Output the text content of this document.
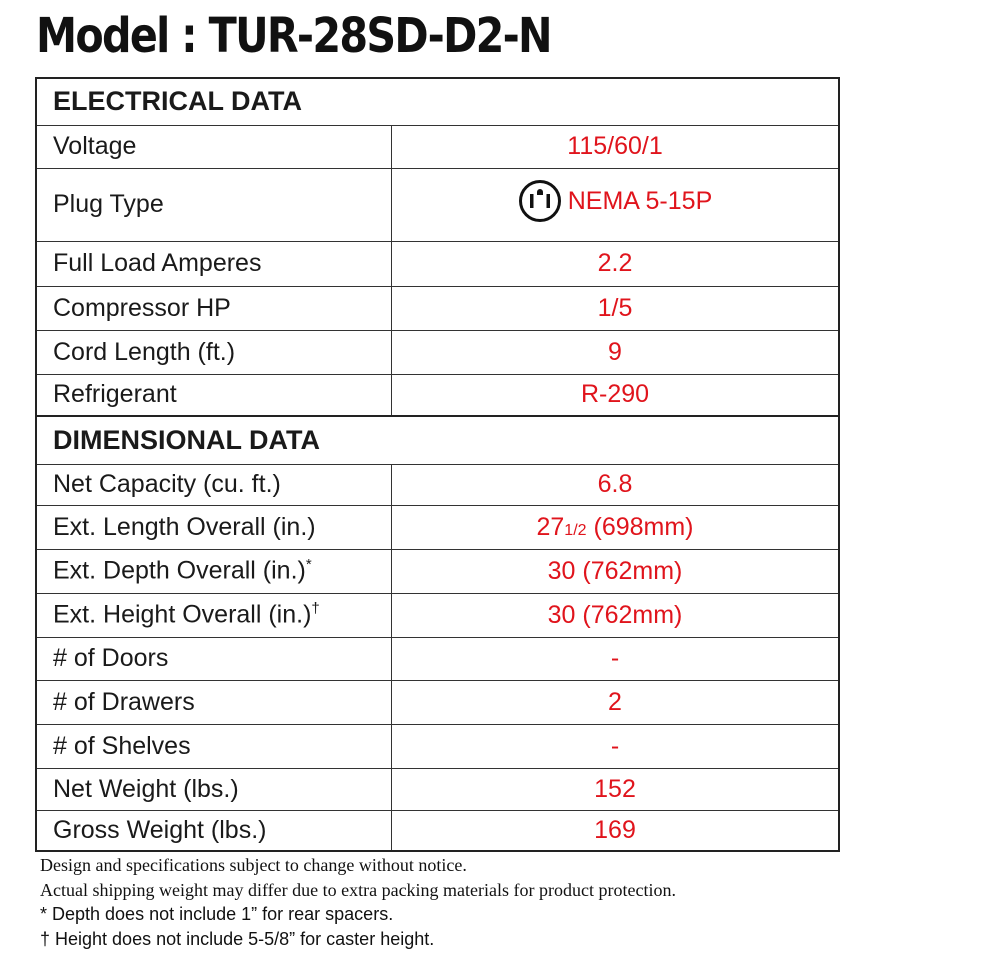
Model : TUR-28SD-D2-N
ELECTRICAL DATA	
Voltage	115/60/1
Plug Type	NEMA 5-15P

Full Load Amperes	2.2
Compressor HP	1/5
Cord Length (ft.)	9
Refrigerant	R-290
DIMENSIONAL DATA	
Net Capacity (cu. ft.)	6.8
Ext. Length Overall (in.)	271/2 (698mm)
Ext. Depth Overall (in.)*	30 (762mm)
Ext. Height Overall (in.)†	30 (762mm)
# of Doors	-
# of Drawers	2
# of Shelves	-
Net Weight (lbs.)	152
Gross Weight (lbs.)	169
Design and specifications subject to change without notice.
Actual shipping weight may differ due to extra packing materials for product protection.
* Depth does not include 1” for rear spacers.
† Height does not include 5-5/8” for caster height.
